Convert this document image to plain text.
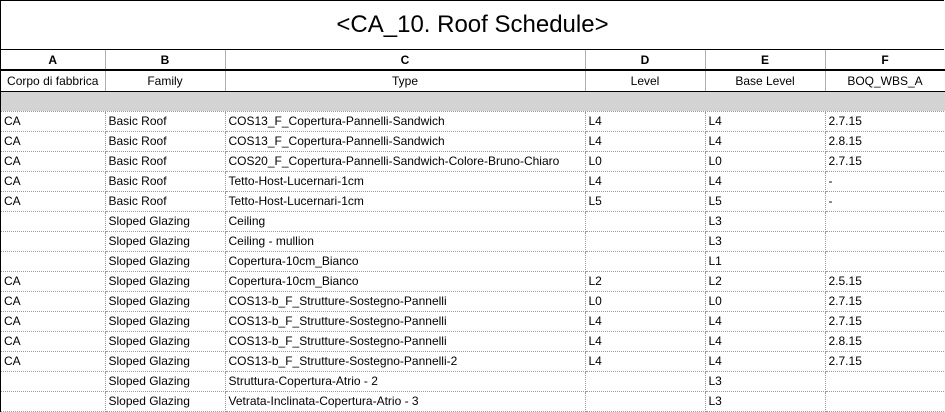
<CA_10. Roof Schedule>
A	B	C	D	E	F
Corpo di fabbrica	Family	Type	Level	Base Level	BOQ_WBS_A

CA	Basic Roof	COS13_F_Copertura-Pannelli-Sandwich	L4	L4	2.7.15
CA	Basic Roof	COS13_F_Copertura-Pannelli-Sandwich	L4	L4	2.8.15
CA	Basic Roof	COS20_F_Copertura-Pannelli-Sandwich-Colore-Bruno-Chiaro	L0	L0	2.7.15
CA	Basic Roof	Tetto-Host-Lucernari-1cm	L4	L4	-
CA	Basic Roof	Tetto-Host-Lucernari-1cm	L5	L5	-
	Sloped Glazing	Ceiling		L3	
	Sloped Glazing	Ceiling - mullion		L3	
	Sloped Glazing	Copertura-10cm_Bianco		L1	
CA	Sloped Glazing	Copertura-10cm_Bianco	L2	L2	2.5.15
CA	Sloped Glazing	COS13-b_F_Strutture-Sostegno-Pannelli	L0	L0	2.7.15
CA	Sloped Glazing	COS13-b_F_Strutture-Sostegno-Pannelli	L4	L4	2.7.15
CA	Sloped Glazing	COS13-b_F_Strutture-Sostegno-Pannelli	L4	L4	2.8.15
CA	Sloped Glazing	COS13-b_F_Strutture-Sostegno-Pannelli-2	L4	L4	2.7.15
	Sloped Glazing	Struttura-Copertura-Atrio - 2		L3	
	Sloped Glazing	Vetrata-Inclinata-Copertura-Atrio - 3		L3	
